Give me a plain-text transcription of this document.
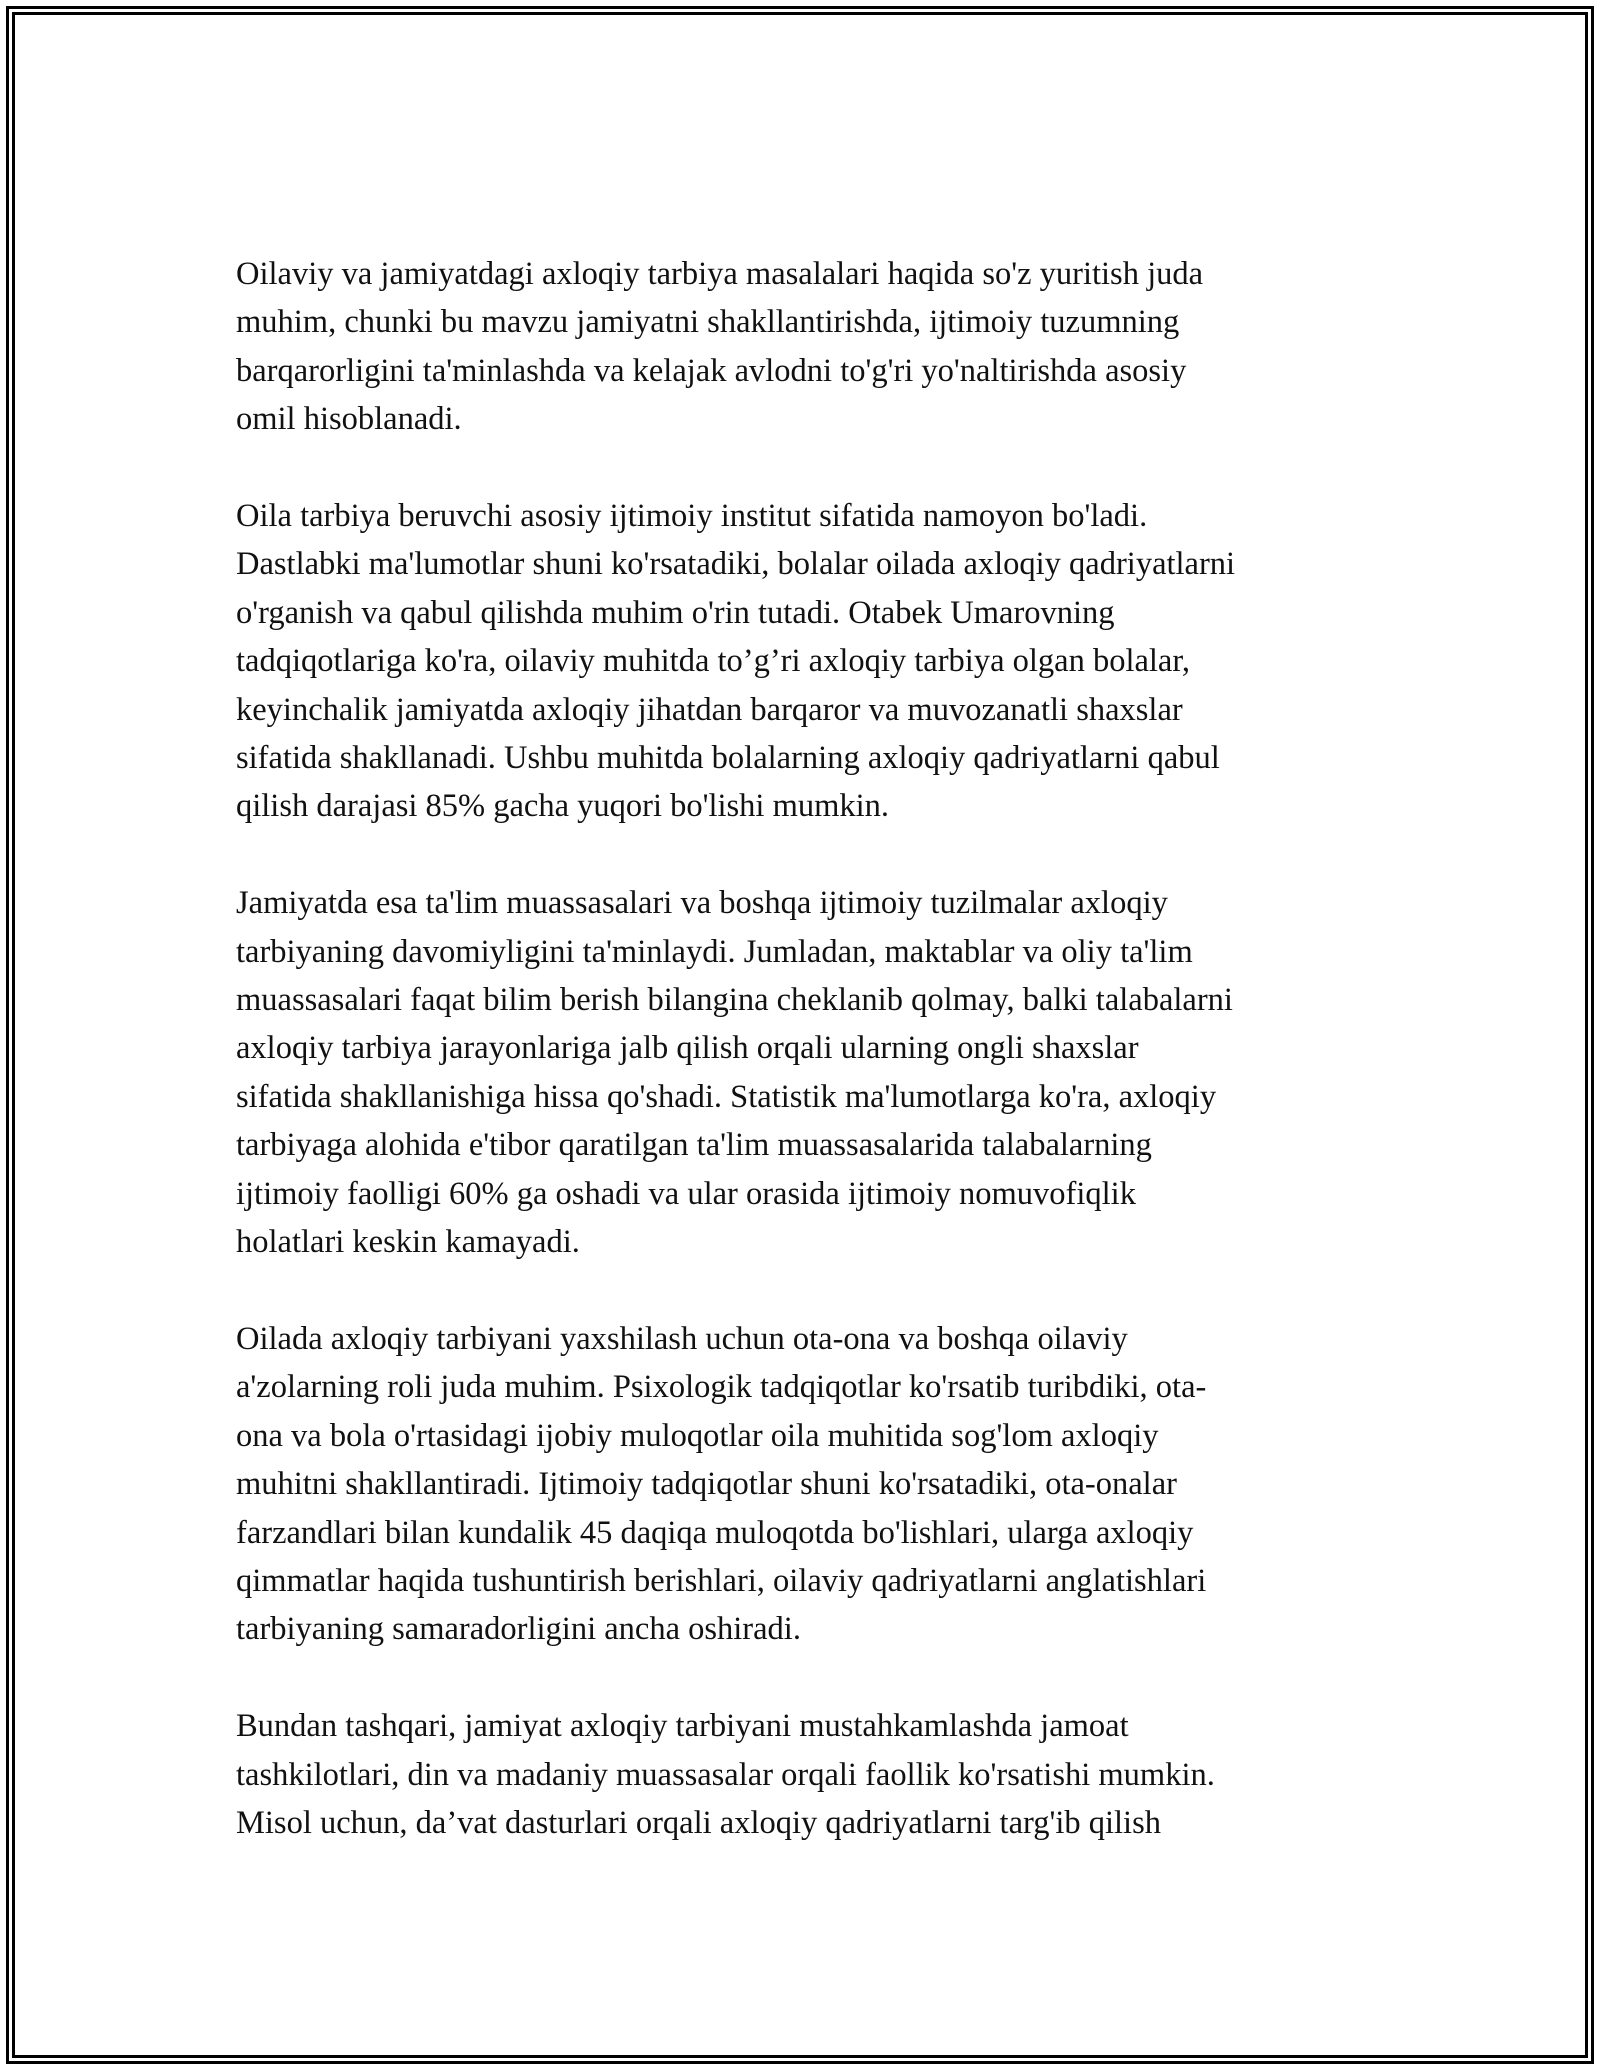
Oilaviy va jamiyatdagi axloqiy tarbiya masalalari haqida so'z yuritish juda
muhim, chunki bu mavzu jamiyatni shakllantirishda, ijtimoiy tuzumning
barqarorligini ta'minlashda va kelajak avlodni to'g'ri yo'naltirishda asosiy
omil hisoblanadi.

Oila tarbiya beruvchi asosiy ijtimoiy institut sifatida namoyon bo'ladi.
Dastlabki ma'lumotlar shuni ko'rsatadiki, bolalar oilada axloqiy qadriyatlarni
o'rganish va qabul qilishda muhim o'rin tutadi. Otabek Umarovning
tadqiqotlariga ko'ra, oilaviy muhitda to’g’ri axloqiy tarbiya olgan bolalar,
keyinchalik jamiyatda axloqiy jihatdan barqaror va muvozanatli shaxslar
sifatida shakllanadi. Ushbu muhitda bolalarning axloqiy qadriyatlarni qabul
qilish darajasi 85% gacha yuqori bo'lishi mumkin.

Jamiyatda esa ta'lim muassasalari va boshqa ijtimoiy tuzilmalar axloqiy
tarbiyaning davomiyligini ta'minlaydi. Jumladan, maktablar va oliy ta'lim
muassasalari faqat bilim berish bilangina cheklanib qolmay, balki talabalarni
axloqiy tarbiya jarayonlariga jalb qilish orqali ularning ongli shaxslar
sifatida shakllanishiga hissa qo'shadi. Statistik ma'lumotlarga ko'ra, axloqiy
tarbiyaga alohida e'tibor qaratilgan ta'lim muassasalarida talabalarning
ijtimoiy faolligi 60% ga oshadi va ular orasida ijtimoiy nomuvofiqlik
holatlari keskin kamayadi.

Oilada axloqiy tarbiyani yaxshilash uchun ota-ona va boshqa oilaviy
a'zolarning roli juda muhim. Psixologik tadqiqotlar ko'rsatib turibdiki, ota-
ona va bola o'rtasidagi ijobiy muloqotlar oila muhitida sog'lom axloqiy
muhitni shakllantiradi. Ijtimoiy tadqiqotlar shuni ko'rsatadiki, ota-onalar
farzandlari bilan kundalik 45 daqiqa muloqotda bo'lishlari, ularga axloqiy
qimmatlar haqida tushuntirish berishlari, oilaviy qadriyatlarni anglatishlari
tarbiyaning samaradorligini ancha oshiradi.

Bundan tashqari, jamiyat axloqiy tarbiyani mustahkamlashda jamoat
tashkilotlari, din va madaniy muassasalar orqali faollik ko'rsatishi mumkin.
Misol uchun, da’vat dasturlari orqali axloqiy qadriyatlarni targ'ib qilish
